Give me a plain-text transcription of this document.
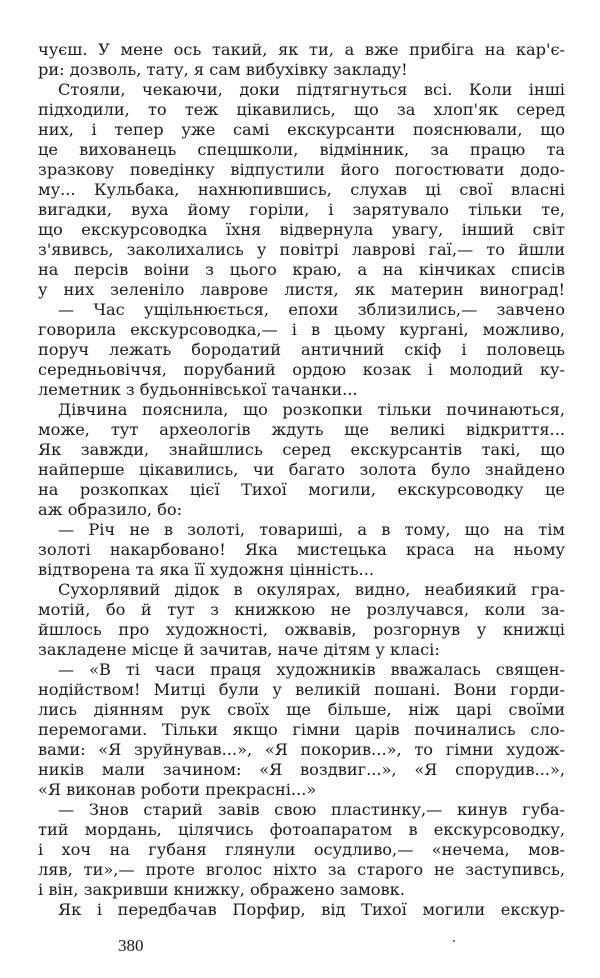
чуєш. У мене ось такий, як ти, а вже прибіга на кар'є-
ри: дозволь, тату, я сам вибухівку закладу!
Стояли, чекаючи, доки підтягнуться всі. Коли інші
підходили, то теж цікавились, що за хлоп'як серед
них, і тепер уже самі екскурсанти пояснювали, що
це вихованець спецшколи, відмінник, за працю та
зразкову поведінку відпустили його погостювати додо-
му... Кульбака, нахнюпившись, слухав ці свої власні
вигадки, вуха йому горіли, і зарятувало тільки те,
що екскурсоводка їхня відвернула увагу, інший світ
з'явивсь, заколихались у повітрі лаврові гаї,— то йшли
на персів воіни з цього краю, а на кінчиках списів
у них зеленіло лаврове листя, як материн виноград!
— Час ущільнюється, епохи зблизились,— завчено
говорила екскурсоводка,— і в цьому кургані, можливо,
поруч лежать бородатий античний скіф і половець
середньовіччя, порубаний ордою козак і молодий ку-
леметник з будьоннівської тачанки...
Дівчина пояснила, що розкопки тільки починаються,
може, тут археологів ждуть ще великі відкриття...
Як завжди, знайшлись серед екскурсантів такі, що
найперше цікавились, чи багато золота було знайдено
на розкопках цієї Тихої могили, екскурсоводку це
аж образило, бо:
— Річ не в золоті, товариші, а в тому, що на тім
золоті накарбовано! Яка мистецька краса на ньому
відтворена та яка її художня цінність...
Сухорлявий дідок в окулярах, видно, неабиякий гра-
мотій, бо й тут з книжкою не розлучався, коли за-
йшлось про художності, ожвавів, розгорнув у книжці
закладене місце й зачитав, наче дітям у класі:
— «В ті часи праця художників вважалась священ-
нодійством! Митці були у великій пошані. Вони горди-
лись діянням рук своїх ще більше, ніж царі своїми
перемогами. Тільки якщо гімни царів починались сло-
вами: «Я зруйнував...», «Я покорив...», то гімни худож-
ників мали зачином: «Я воздвиг...», «Я спорудив...»,
«Я виконав роботи прекрасні...»
— Знов старий завів свою пластинку,— кинув губа-
тий мордань, цілячись фотоапаратом в екскурсоводку,
і хоч на губаня глянули осудливо,— «нечема, мов-
ляв, ти»,— проте вголос ніхто за старого не заступивсь,
і він, закривши книжку, ображено замовк.
Як і передбачав Порфир, від Тихої могили екскур-
380
